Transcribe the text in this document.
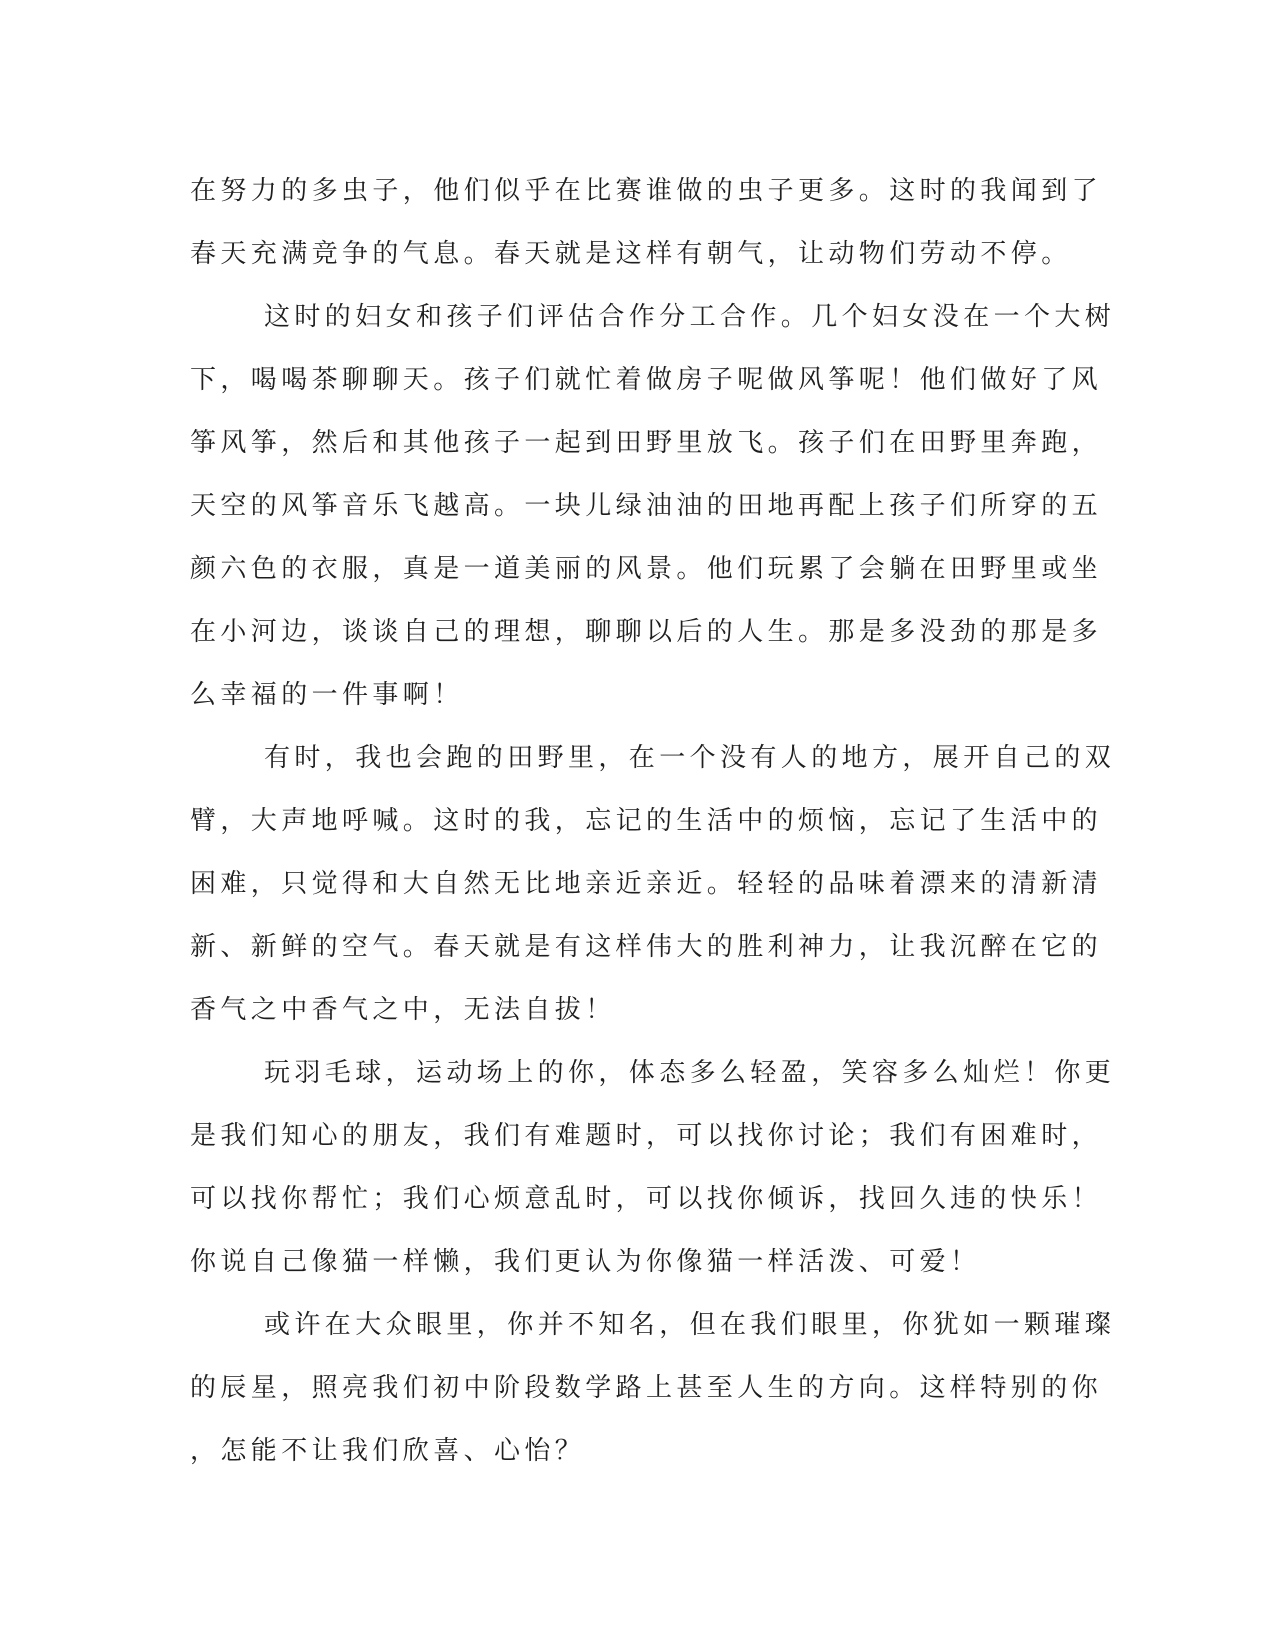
在努力的多虫子，他们似乎在比赛谁做的虫子更多。这时的我闻到了
春天充满竞争的气息。春天就是这样有朝气，让动物们劳动不停。
这时的妇女和孩子们评估合作分工合作。几个妇女没在一个大树
下，喝喝茶聊聊天。孩子们就忙着做房子呢做风筝呢！他们做好了风
筝风筝，然后和其他孩子一起到田野里放飞。孩子们在田野里奔跑，
天空的风筝音乐飞越高。一块儿绿油油的田地再配上孩子们所穿的五
颜六色的衣服，真是一道美丽的风景。他们玩累了会躺在田野里或坐
在小河边，谈谈自己的理想，聊聊以后的人生。那是多没劲的那是多
么幸福的一件事啊！
有时，我也会跑的田野里，在一个没有人的地方，展开自己的双
臂，大声地呼喊。这时的我，忘记的生活中的烦恼，忘记了生活中的
困难，只觉得和大自然无比地亲近亲近。轻轻的品味着漂来的清新清
新、新鲜的空气。春天就是有这样伟大的胜利神力，让我沉醉在它的
香气之中香气之中，无法自拔！
玩羽毛球，运动场上的你，体态多么轻盈，笑容多么灿烂！你更
是我们知心的朋友，我们有难题时，可以找你讨论；我们有困难时，
可以找你帮忙；我们心烦意乱时，可以找你倾诉，找回久违的快乐！
你说自己像猫一样懒，我们更认为你像猫一样活泼、可爱！
或许在大众眼里，你并不知名，但在我们眼里，你犹如一颗璀璨
的辰星，照亮我们初中阶段数学路上甚至人生的方向。这样特别的你
，怎能不让我们欣喜、心怡？
